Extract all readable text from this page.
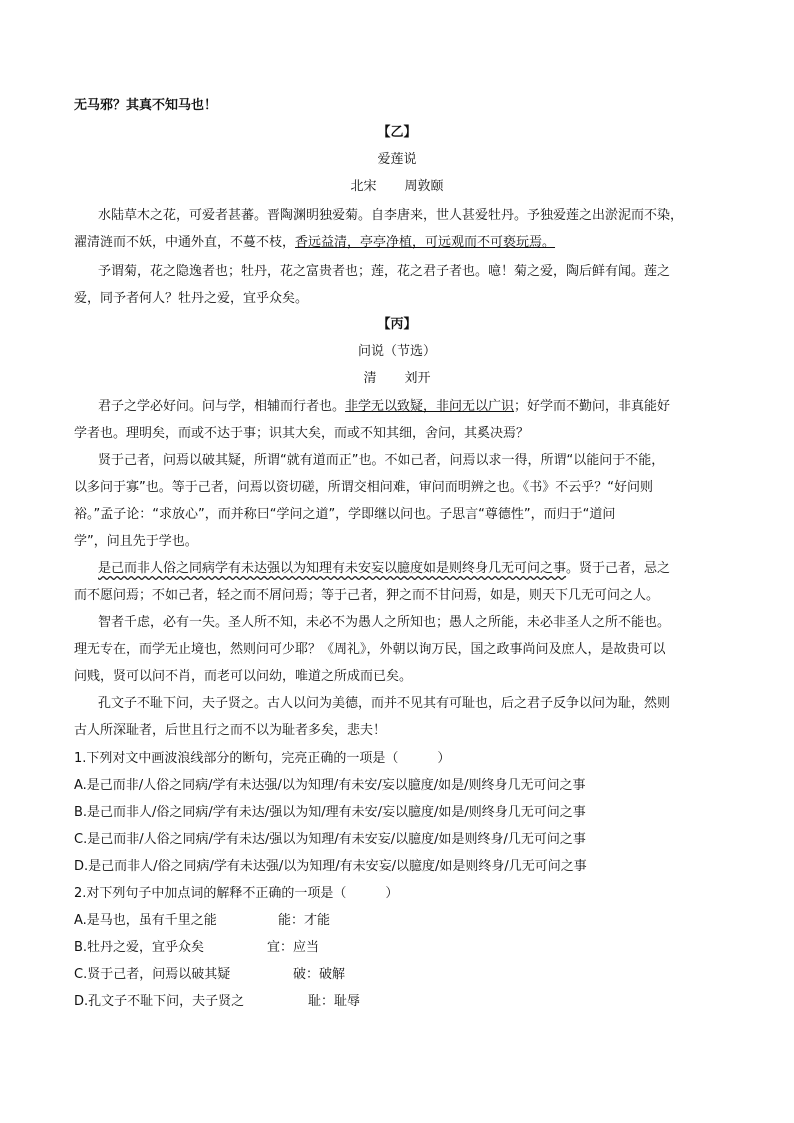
无马邪？其真不知马也！
【乙】
爱莲说
北宋 周敦颐
水陆草木之花，可爱者甚蕃。晋陶渊明独爱菊。自李唐来，世人甚爱牡丹。予独爱莲之出淤泥而不染，
濯清涟而不妖，中通外直，不蔓不枝，香远益清，亭亭净植，可远观而不可亵玩焉。
予谓菊，花之隐逸者也；牡丹，花之富贵者也；莲，花之君子者也。噫！菊之爱，陶后鲜有闻。莲之
爱，同予者何人？牡丹之爱，宜乎众矣。
【丙】
问说（节选）
清 刘开
君子之学必好问。问与学，相辅而行者也。非学无以致疑，非问无以广识；好学而不勤问，非真能好
学者也。理明矣，而或不达于事；识其大矣，而或不知其细，舍问，其奚决焉？
贤于己者，问焉以破其疑，所谓“就有道而正”也。不如己者，问焉以求一得，所谓“以能问于不能，
以多问于寡”也。等于己者，问焉以资切磋，所谓交相问难，审问而明辨之也。《书》不云乎？“好问则
裕。”孟子论：“求放心”，而并称曰“学问之道”，学即继以问也。子思言“尊德性”，而归于“道问
学”，问且先于学也。
是己而非人俗之同病学有未达强以为知理有未安妄以臆度如是则终身几无可问之事。贤于己者，忌之
而不愿问焉；不如己者，轻之而不屑问焉；等于己者，狎之而不甘问焉，如是，则天下几无可问之人。
智者千虑，必有一失。圣人所不知，未必不为愚人之所知也；愚人之所能，未必非圣人之所不能也。
理无专在，而学无止境也，然则问可少耶？《周礼》，外朝以询万民，国之政事尚问及庶人，是故贵可以
问贱，贤可以问不肖，而老可以问幼，唯道之所成而已矣。
孔文子不耻下问，夫子贤之。古人以问为美德，而并不见其有可耻也，后之君子反争以问为耻，然则
古人所深耻者，后世且行之而不以为耻者多矣，悲夫！
1.下列对文中画波浪线部分的断句，完亮正确的一项是（　　　）
A.是己而非/人俗之同病/学有未达强/以为知理/有未安/妄以臆度/如是/则终身几无可问之事
B.是己而非人/俗之同病/学有未达/强以为知/理有未安/妄以臆度/如是/则终身几无可问之事
C.是己而非/人俗之同病/学有未达/强以为知理/有未安妄/以臆度/如是则终身/几无可问之事
D.是己而非人/俗之同病/学有未达强/以为知理/有未安妄/以臆度/如是则终身/几无可问之事
2.对下列句子中加点词的解释不正确的一项是（　　　）
A.是马也，虽有千里之能	能：才能
B.牡丹之爱，宜乎众矣	宜：应当
C.贤于己者，问焉以破其疑	破：破解
D.孔文子不耻下问，夫子贤之	耻：耻辱
